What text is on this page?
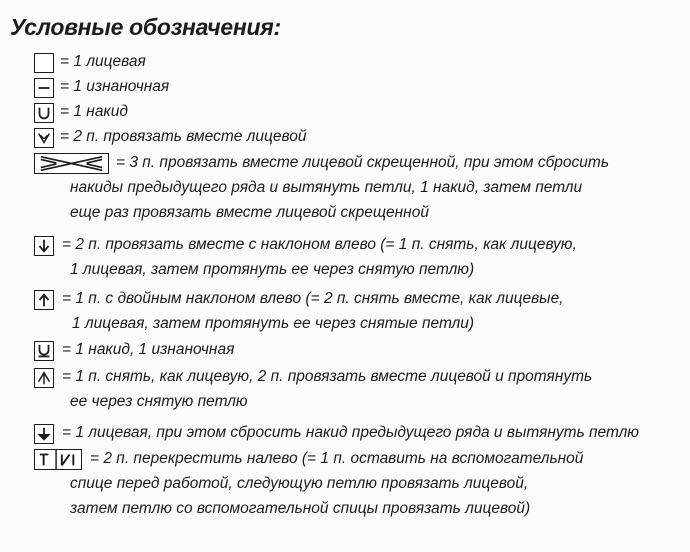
Условные обозначения:
= 1 лицевая
= 1 изнаночная
= 1 накид
= 2 п. провязать вместе лицевой
= 3 п. провязать вместе лицевой скрещенной, при этом сбросить
накиды предыдущего ряда и вытянуть петли, 1 накид, затем петли
еще раз провязать вместе лицевой скрещенной
= 2 п. провязать вместе с наклоном влево (= 1 п. снять, как лицевую,
1 лицевая, затем протянуть ее через снятую петлю)
= 1 п. с двойным наклоном влево (= 2 п. снять вместе, как лицевые,
1 лицевая, затем протянуть ее через снятые петли)
= 1 накид, 1 изнаночная
= 1 п. снять, как лицевую, 2 п. провязать вместе лицевой и протянуть
ее через снятую петлю
= 1 лицевая, при этом сбросить накид предыдущего ряда и вытянуть петлю
= 2 п. перекрестить налево (= 1 п. оставить на вспомогательной
спице перед работой, следующую петлю провязать лицевой,
затем петлю со вспомогательной спицы провязать лицевой)
